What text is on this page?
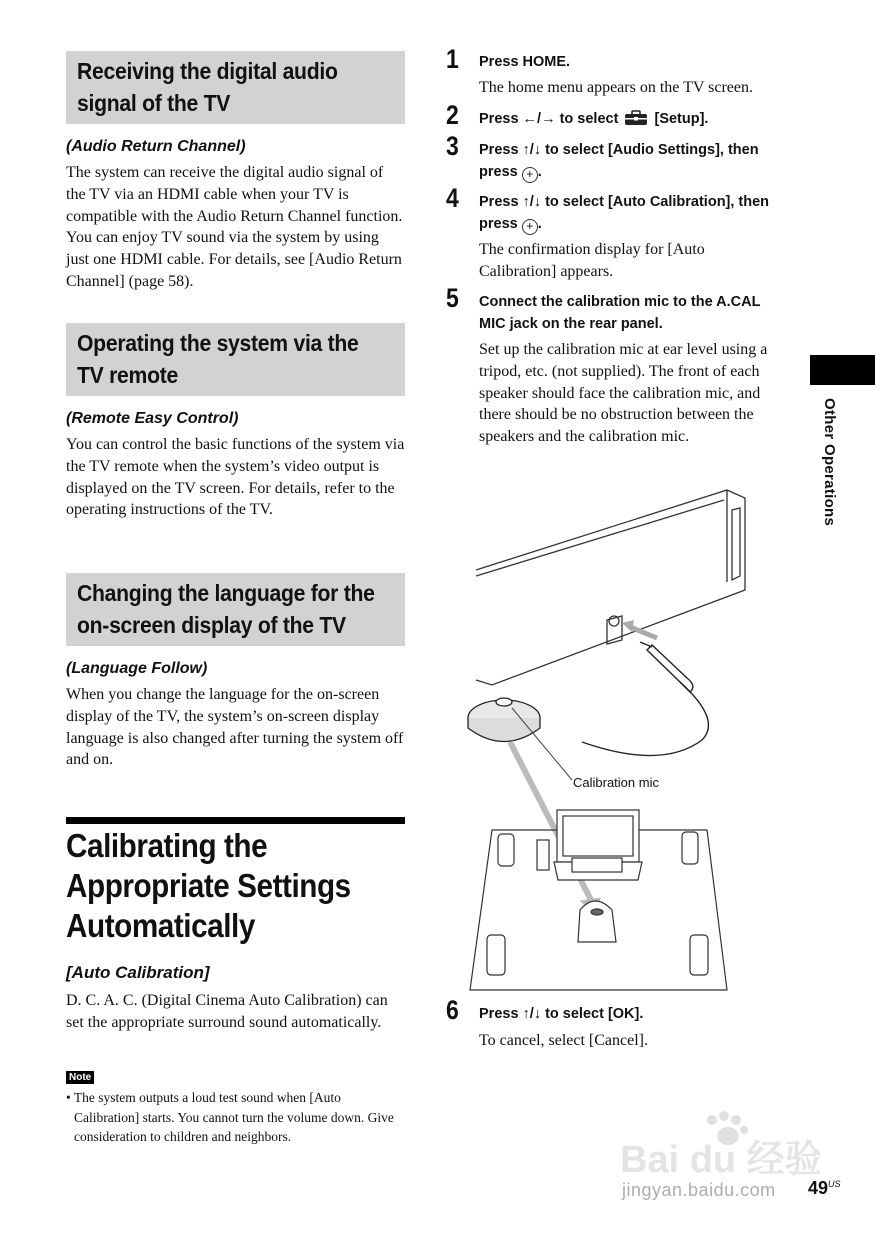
Receiving the digital audio
signal of the TV
(Audio Return Channel)
The system can receive the digital audio signal of the TV via an HDMI cable when your TV is compatible with the Audio Return Channel function. You can enjoy TV sound via the system by using just one HDMI cable. For details, see [Audio Return Channel] (page 58).
Operating the system via the
TV remote
(Remote Easy Control)
You can control the basic functions of the system via the TV remote when the system’s video output is displayed on the TV screen. For details, refer to the operating instructions of the TV.
Changing the language for the
on-screen display of the TV
(Language Follow)
When you change the language for the on-screen display of the TV, the system’s on-screen display language is also changed after turning the system off and on.
Calibrating the
Appropriate Settings
Automatically
[Auto Calibration]
D. C. A. C. (Digital Cinema Auto Calibration) can set the appropriate surround sound automatically.
Note
• The system outputs a loud test sound when [Auto Calibration] starts. You cannot turn the volume down. Give consideration to children and neighbors.
1 Press HOME.
The home menu appears on the TV screen.
2 Press ←/→ to select [Setup].
3 Press ↑/↓ to select [Audio Settings], then press + .
4 Press ↑/↓ to select [Auto Calibration], then press + .
The confirmation display for [Auto Calibration] appears.
5 Connect the calibration mic to the A.CAL MIC jack on the rear panel.
Set up the calibration mic at ear level using a tripod, etc. (not supplied). The front of each speaker should face the calibration mic, and there should be no obstruction between the speakers and the calibration mic.
Calibration mic
6 Press ↑/↓ to select [OK].
To cancel, select [Cancel].
Other Operations
Bai du 经验
jingyan.baidu.com $49^{US}$
